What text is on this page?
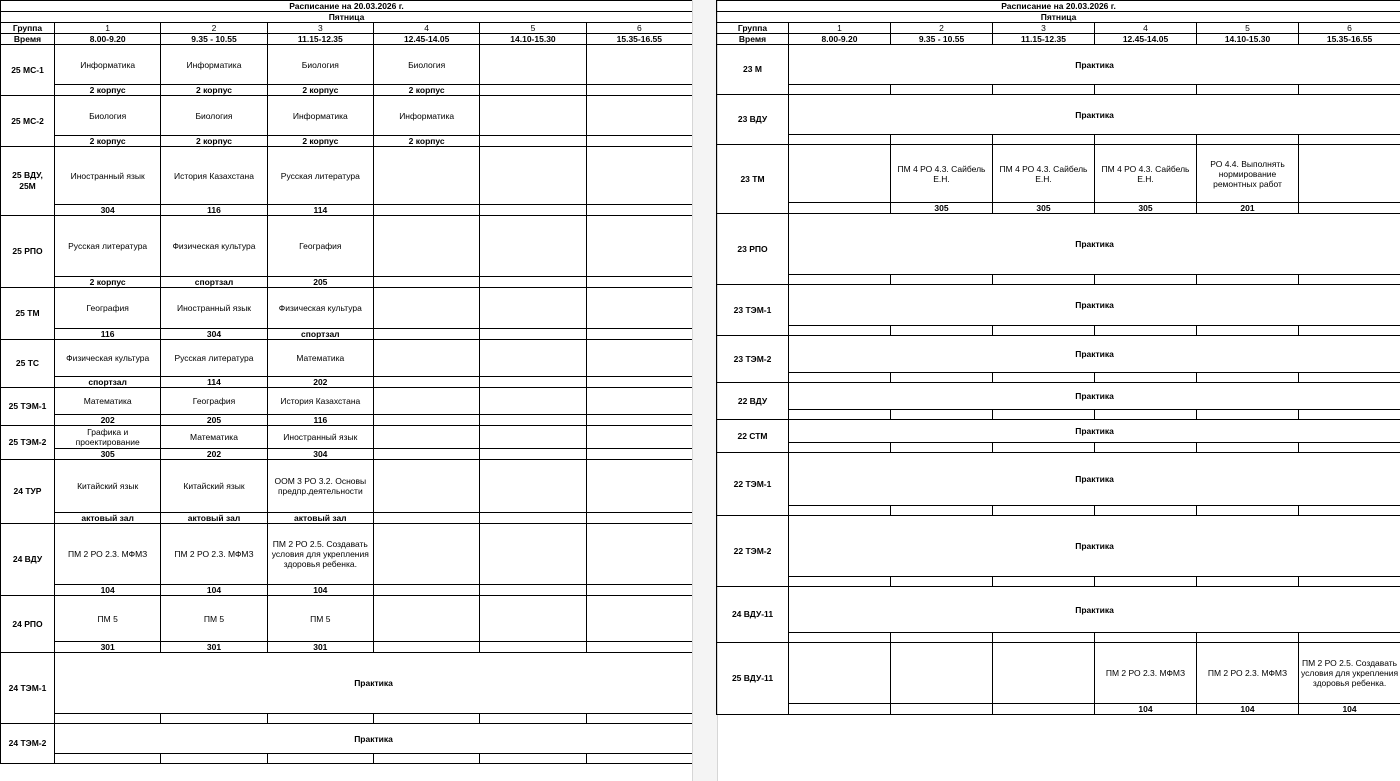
Расписание на 20.03.2026 г.						
Пятница						
Группа	1	2	3	4	5	6
Время	8.00-9.20	9.35 - 10.55	11.15-12.35	12.45-14.05	14.10-15.30	15.35-16.55
25 МС-1	Информатика	Информатика	Биология	Биология		
	2 корпус	2 корпус	2 корпус	2 корпус		
25 МС-2	Биология	Биология	Информатика	Информатика		
	2 корпус	2 корпус	2 корпус	2 корпус		
25 ВДУ, 25М	Иностранный язык	История Казахстана	Русская литература			
	304	116	114			
25 РПО	Русская литература	Физическая культура	География			
	2 корпус	спортзал	205			
25 ТМ	География	Иностранный язык	Физическая культура			
	116	304	спортзал			
25 ТС	Физическая культура	Русская литература	Математика			
	спортзал	114	202			
25 ТЭМ-1	Математика	География	История Казахстана			
	202	205	116			
25 ТЭМ-2	Графика и проектирование	Математика	Иностранный язык			
	305	202	304			
24 ТУР	Китайский язык	Китайский язык	ООМ 3 РО 3.2. Основы предпр.деятельности			
	актовый зал	актовый зал	актовый зал			
24 ВДУ	ПМ 2 РО 2.3. МФМЗ	ПМ 2 РО 2.3. МФМЗ	ПМ 2 РО 2.5. Создавать условия для укрепления здоровья ребенка.			
	104	104	104			
24 РПО	ПМ 5	ПМ 5	ПМ 5			
	301	301	301			
24 ТЭМ-1	Практика					

24 ТЭМ-2	Практика					

Расписание на 20.03.2026 г.						
Пятница						
Группа	1	2	3	4	5	6
Время	8.00-9.20	9.35 - 10.55	11.15-12.35	12.45-14.05	14.10-15.30	15.35-16.55
23 М	Практика					

23 ВДУ	Практика					

23 ТМ		ПМ 4 РО 4.3. Сайбель Е.Н.	ПМ 4 РО 4.3. Сайбель Е.Н.	ПМ 4 РО 4.3. Сайбель Е.Н.	РО 4.4. Выполнять нормирование ремонтных работ	
		305	305	305	201	
23 РПО	Практика					

23 ТЭМ-1	Практика					

23 ТЭМ-2	Практика					

22 ВДУ	Практика					

22 СТМ	Практика					

22 ТЭМ-1	Практика					

22 ТЭМ-2	Практика					

24 ВДУ-11	Практика					

25 ВДУ-11				ПМ 2 РО 2.3. МФМЗ	ПМ 2 РО 2.3. МФМЗ	ПМ 2 РО 2.5. Создавать условия для укрепления здоровья ребенка.
				104	104	104
